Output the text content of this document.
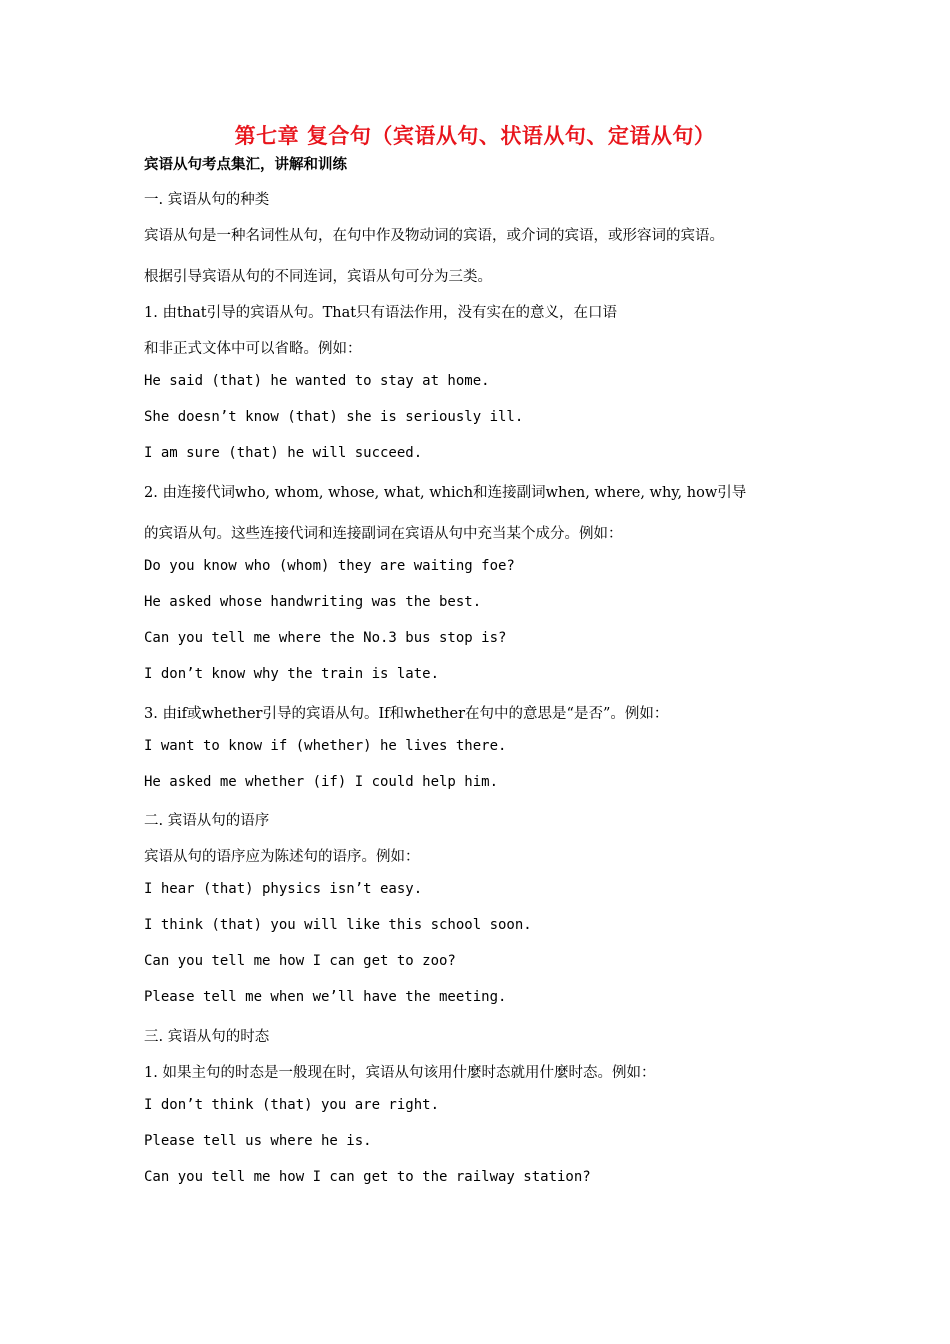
第七章 复合句（宾语从句、状语从句、定语从句）
宾语从句考点集汇，讲解和训练
一. 宾语从句的种类
宾语从句是一种名词性从句，在句中作及物动词的宾语，或介词的宾语，或形容词的宾语。
根据引导宾语从句的不同连词，宾语从句可分为三类。
1. 由that引导的宾语从句。That只有语法作用，没有实在的意义，在口语
和非正式文体中可以省略。例如：
He said (that) he wanted to stay at home.
She doesn’t know (that) she is seriously ill.
I am sure (that) he will succeed.
2. 由连接代词who, whom, whose, what, which和连接副词when, where, why, how引导
的宾语从句。这些连接代词和连接副词在宾语从句中充当某个成分。例如：
Do you know who (whom) they are waiting foe?
He asked whose handwriting was the best.
Can you tell me where the No.3 bus stop is?
I don’t know why the train is late.
3. 由if或whether引导的宾语从句。If和whether在句中的意思是“是否”。例如：
I want to know if (whether) he lives there.
He asked me whether (if) I could help him.
二. 宾语从句的语序
宾语从句的语序应为陈述句的语序。例如：
I hear (that) physics isn’t easy.
I think (that) you will like this school soon.
Can you tell me how I can get to zoo?
Please tell me when we’ll have the meeting.
三. 宾语从句的时态
1. 如果主句的时态是一般现在时，宾语从句该用什麼时态就用什麼时态。例如：
I don’t think (that) you are right.
Please tell us where he is.
Can you tell me how I can get to the railway station?
